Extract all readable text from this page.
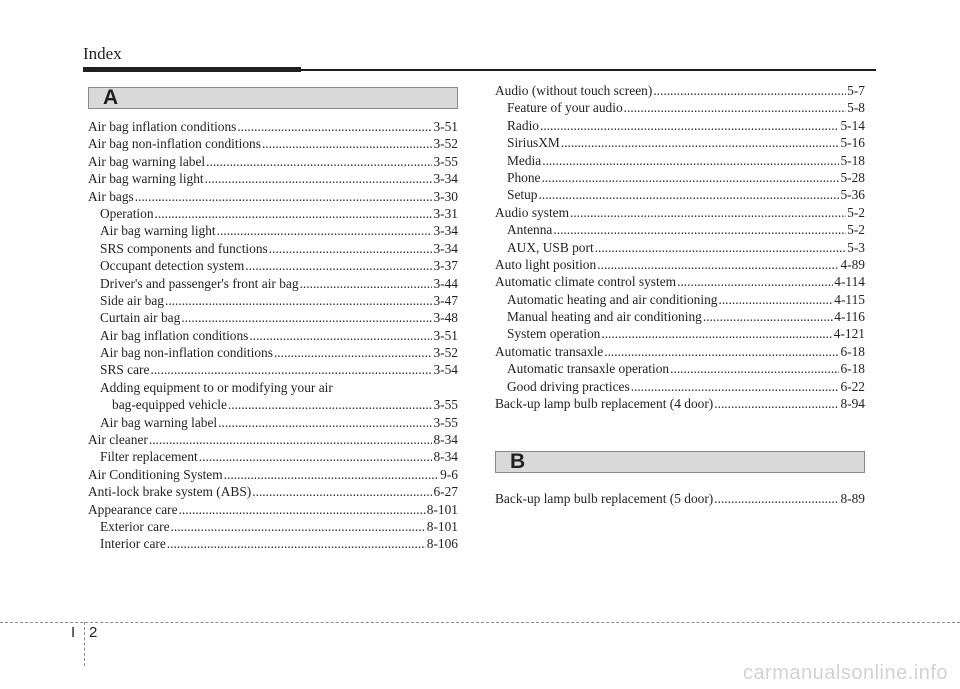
Index
A
Air bag inflation conditions .....	3-51
Air bag non-inflation conditions .....	3-52
Air bag warning label .....	3-55
Air bag warning light .....	3-34
Air bags .....	3-30
Operation .....	3-31
Air bag warning light .....	3-34
SRS components and functions .....	3-34
Occupant detection system .....	3-37
Driver's and passenger's front air bag .....	3-44
Side air bag .....	3-47
Curtain air bag .....	3-48
Air bag inflation conditions .....	3-51
Air bag non-inflation conditions .....	3-52
SRS care .....	3-54
Adding equipment to or modifying your air
bag-equipped vehicle .....	3-55
Air bag warning label .....	3-55
Air cleaner .....	8-34
Filter replacement .....	8-34
Air Conditioning System .....	9-6
Anti-lock brake system (ABS) .....	6-27
Appearance care .....	8-101
Exterior care .....	8-101
Interior care .....	8-106
Audio (without touch screen) .....	5-7
Feature of your audio .....	5-8
Radio .....	5-14
SiriusXM .....	5-16
Media .....	5-18
Phone .....	5-28
Setup .....	5-36
Audio system .....	5-2
Antenna .....	5-2
AUX, USB port .....	5-3
Auto light position .....	4-89
Automatic climate control system .....	4-114
Automatic heating and air conditioning .....	4-115
Manual heating and air conditioning .....	4-116
System operation .....	4-121
Automatic transaxle .....	6-18
Automatic transaxle operation .....	6-18
Good driving practices .....	6-22
Back-up lamp bulb replacement (4 door) .....	8-94
B
Back-up lamp bulb replacement (5 door) .....	8-89
I 2
carmanualsonline.info
